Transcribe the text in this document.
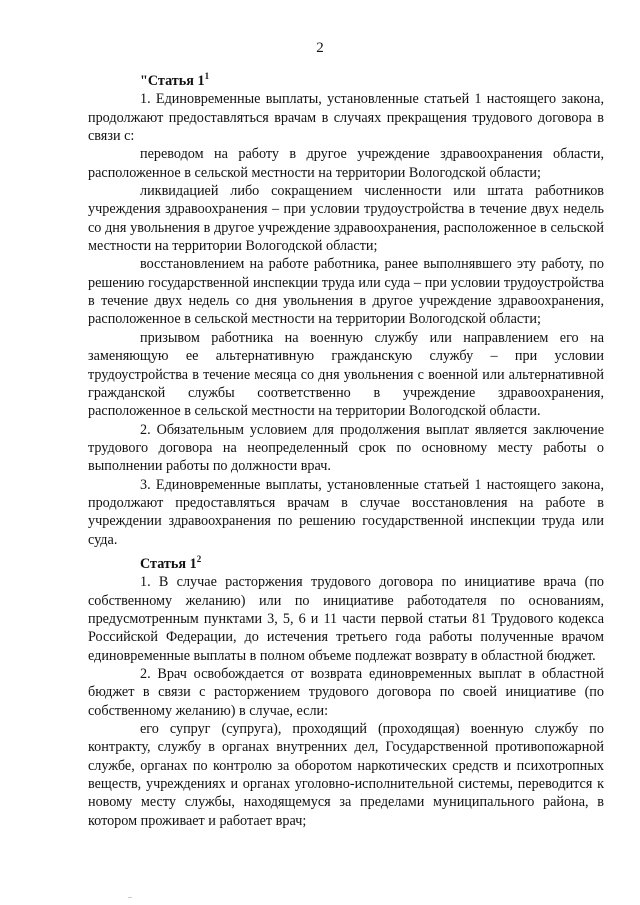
2

"Статья $1^1$

1. Единовременные выплаты, установленные статьей 1 настоящего закона, продолжают предоставляться врачам в случаях прекращения трудового договора в связи с:

переводом на работу в другое учреждение здравоохранения области, расположенное в сельской местности на территории Вологодской области;

ликвидацией либо сокращением численности или штата работников учреждения здравоохранения – при условии трудоустройства в течение двух недель со дня увольнения в другое учреждение здравоохранения, расположенное в сельской местности на территории Вологодской области;

восстановлением на работе работника, ранее выполнявшего эту работу, по решению государственной инспекции труда или суда – при условии трудоустройства в течение двух недель со дня увольнения в другое учреждение здравоохранения, расположенное в сельской местности на территории Вологодской области;

призывом работника на военную службу или направлением его на заменяющую ее альтернативную гражданскую службу – при условии трудоустройства в течение месяца со дня увольнения с военной или альтернативной гражданской службы соответственно в учреждение здравоохранения, расположенное в сельской местности на территории Вологодской области.

2. Обязательным условием для продолжения выплат является заключение трудового договора на неопределенный срок по основному месту работы о выполнении работы по должности врач.

3. Единовременные выплаты, установленные статьей 1 настоящего закона, продолжают предоставляться врачам в случае восстановления на работе в учреждении здравоохранения по решению государственной инспекции труда или суда.

Статья $1^2$

1. В случае расторжения трудового договора по инициативе врача (по собственному желанию) или по инициативе работодателя по основаниям, предусмотренным пунктами 3, 5, 6 и 11 части первой статьи 81 Трудового кодекса Российской Федерации, до истечения третьего года работы полученные врачом единовременные выплаты в полном объеме подлежат возврату в областной бюджет.

2. Врач освобождается от возврата единовременных выплат в областной бюджет в связи с расторжением трудового договора по своей инициативе (по собственному желанию) в случае, если:

его супруг (супруга), проходящий (проходящая) военную службу по контракту, службу в органах внутренних дел, Государственной противопожарной службе, органах по контролю за оборотом наркотических средств и психотропных веществ, учреждениях и органах уголовно-исполнительной системы, переводится к новому месту службы, находящемуся за пределами муниципального района, в котором проживает и работает врач;
